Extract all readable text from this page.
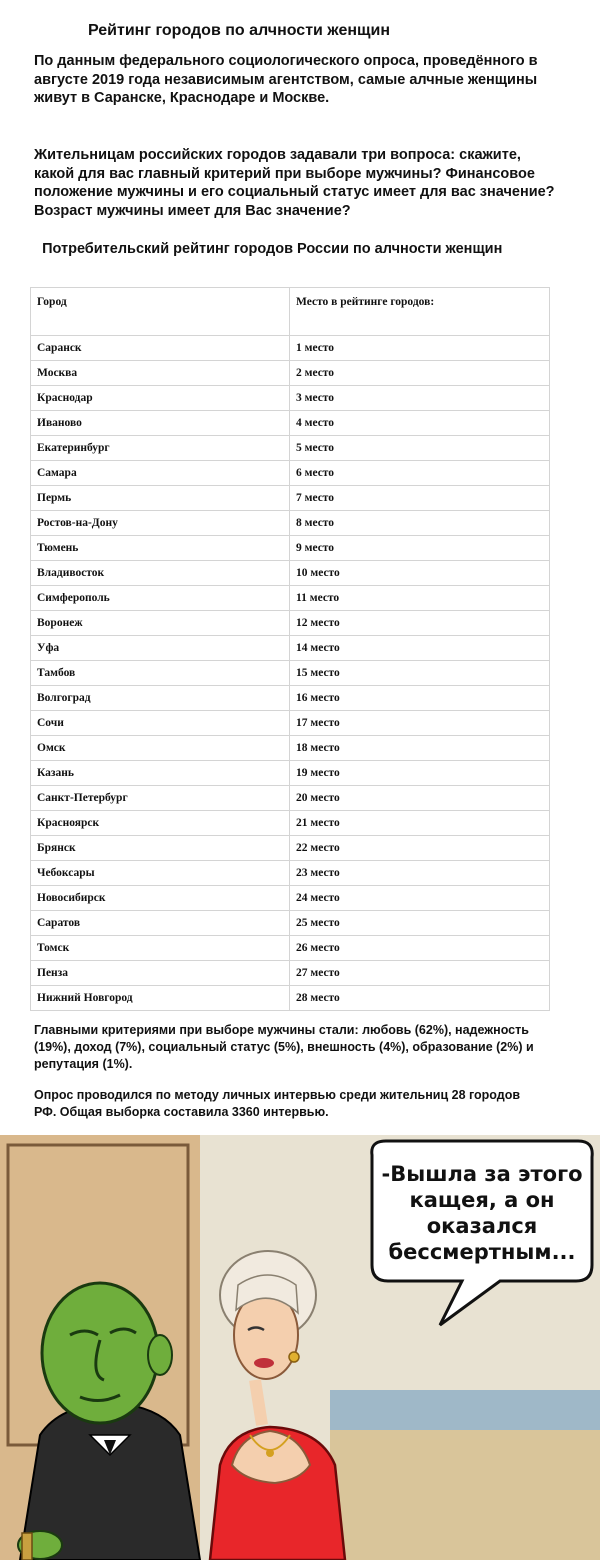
Рейтинг городов по алчности женщин
По данным федерального социологического опроса, проведённого в августе 2019 года независимым агентством, самые алчные женщины живут в Саранске, Краснодаре и Москве.
Жительницам российских городов задавали три вопроса: скажите, какой для вас главный критерий при выборе мужчины? Финансовое положение мужчины и его социальный статус имеет для вас значение? Возраст мужчины имеет для Вас значение?
Потребительский рейтинг городов России по алчности женщин
Город	Место в рейтинге городов:
Саранск	1 место
Москва	2 место
Краснодар	3 место
Иваново	4 место
Екатеринбург	5 место
Самара	6 место
Пермь	7 место
Ростов-на-Дону	8 место
Тюмень	9 место
Владивосток	10 место
Симферополь	11 место
Воронеж	12 место
Уфа	14 место
Тамбов	15 место
Волгоград	16 место
Сочи	17 место
Омск	18 место
Казань	19 место
Санкт-Петербург	20 место
Красноярск	21 место
Брянск	22 место
Чебоксары	23 место
Новосибирск	24 место
Саратов	25 место
Томск	26 место
Пенза	27 место
Нижний Новгород	28 место
Главными критериями при выборе мужчины стали: любовь (62%), надежность (19%), доход (7%), социальный статус (5%), внешность (4%), образование (2%) и репутация (1%).
Опрос проводился по методу личных интервью среди жительниц 28 городов РФ. Общая выборка составила 3360 интервью.
-Вышла за этого
кащея, а он
оказался
бессмертным...
